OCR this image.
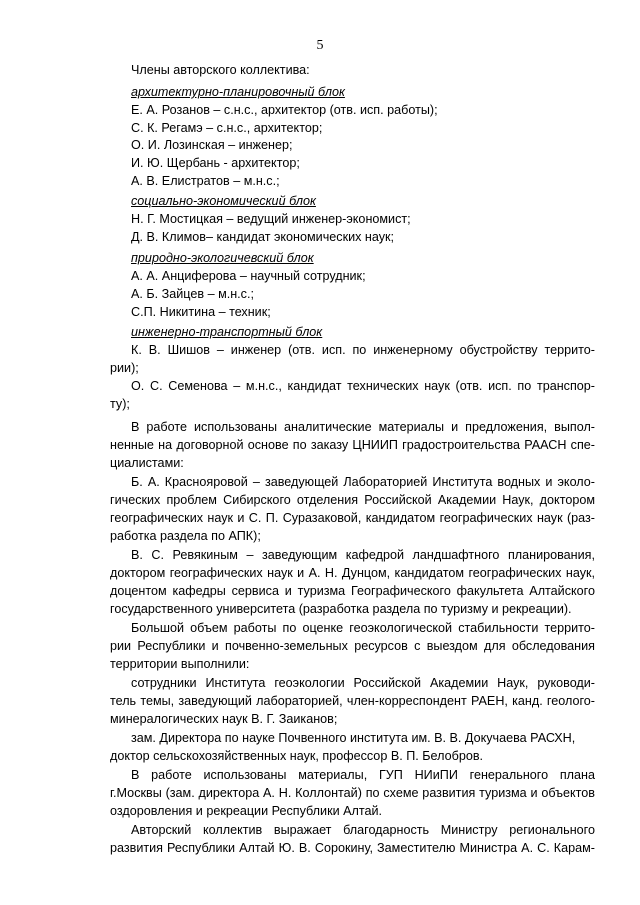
5
Члены авторского коллектива:
архитектурно-планировочный блок
Е. А. Розанов – с.н.с., архитектор (отв. исп. работы);
С. К. Регамэ – с.н.с., архитектор;
О. И. Лозинская – инженер;
И. Ю. Щербань - архитектор;
А. В. Елистратов – м.н.с.;
социально-экономический блок
Н. Г. Мостицкая – ведущий инженер-экономист;
Д. В. Климов– кандидат экономических наук;
природно-экологичевский блок
А. А. Анциферова – научный сотрудник;
А. Б. Зайцев – м.н.с.;
С.П. Никитина – техник;
инженерно-транспортный блок
К. В. Шишов – инженер (отв. исп. по инженерному обустройству террито-
рии);
О. С. Семенова – м.н.с., кандидат технических наук (отв. исп. по транспор-
ту);
В работе использованы аналитические материалы и предложения, выпол-
ненные на договорной основе по заказу ЦНИИП градостроительства РААСН спе-
циалистами:
Б. А. Краснояровой – заведующей Лабораторией Института водных и эколо-
гических проблем Сибирского отделения Российской Академии Наук, доктором
географических наук и С. П. Суразаковой, кандидатом географических наук (раз-
работка раздела по АПК);
В. С. Ревякиным – заведующим кафедрой ландшафтного планирования,
доктором географических наук и А. Н. Дунцом, кандидатом географических наук,
доцентом кафедры сервиса и туризма Географического факультета Алтайского
государственного университета (разработка раздела по туризму и рекреации).
Большой объем работы по оценке геоэкологической стабильности террито-
рии Республики и почвенно-земельных ресурсов с выездом для обследования
территории выполнили:
сотрудники Института геоэкологии Российской Академии Наук, руководи-
тель темы, заведующий лабораторией, член-корреспондент РАЕН, канд. геолого-
минералогических наук В. Г. Заиканов;
зам. Директора по науке Почвенного института им. В. В. Докучаева РАСХН,
доктор сельскохозяйственных наук, профессор В. П. Белобров.
В работе использованы материалы, ГУП НИиПИ генерального плана
г.Москвы (зам. директора А. Н. Коллонтай) по схеме развития туризма и объектов
оздоровления и рекреации Республики Алтай.
Авторский коллектив выражает благодарность Министру регионального
развития Республики Алтай Ю. В. Сорокину, Заместителю Министра А. С. Карам-
